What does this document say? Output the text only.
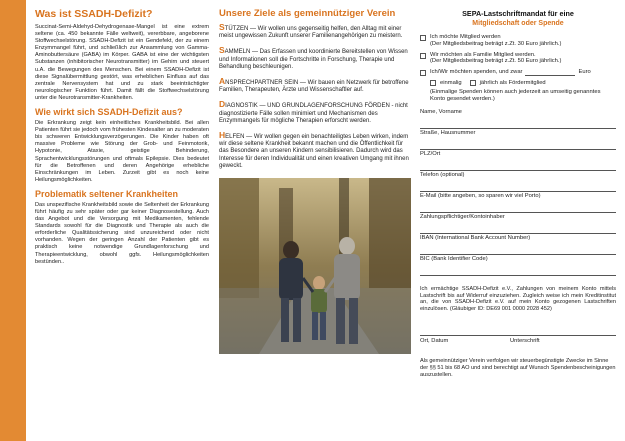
Was ist SSADH-Defizit?

Succinat-Semi-Aldehyd-Dehydrogenase-Mangel ist eine extrem seltene (ca. 450 bekannte Fälle weltweit), vererbbare, angeborene Stoffwechselstörung. SSADH-Defizit ist ein Gendefekt, der zu einem Enzymmangel führt, und schließlich zur Ansammlung von Gamma-Aminobuttersäure (GABA) im Körper. GABA ist eine der wichtigsten Substanzen (inhibitorischer Neurotransmitter) im Gehirn und steuert u.A. die Bewegungen des Menschen. Bei einem SSADH-Defizit ist diese Signalübermittlung gestört, was erheblichen Einfluss auf das zentrale Nervensystem hat und zu stark beeinträchtigter neurologischer Funktion führt. Damit fällt die Stoffwechselstörung unter die Neurotransmitter-Krankheiten.

Wie wirkt sich SSADH-Defizit aus?

Die Erkrankung zeigt kein einheitliches Krankheitsbild. Bei allen Patienten führt sie jedoch vom frühesten Kindesalter an zu moderaten bis schweren Entwicklungsverzögerungen. Die Kinder haben oft massive Probleme wie Störung der Grob- und Feinmotorik, Hypotonie, Ataxie, geistige Behinderung, Sprachentwicklungsstörungen und oftmals Epilepsie. Dies bedeutet für die Betroffenen und deren Angehörige erhebliche Einschränkungen im Leben. Zurzeit gibt es noch keine Heilungsmöglichkeiten.

Problematik seltener Krankheiten

Das unspezifische Krankheitsbild sowie die Seltenheit der Erkrankung führt häufig zu sehr später oder gar keiner Diagnosestellung. Auch das Angebot und die Versorgung mit Medikamenten, fehlende Standards sowohl für die Diagnostik und Therapie als auch die erforderliche Qualitätssicherung sind unzureichend oder nicht vorhanden. Wegen der geringen Anzahl der Patienten gibt es praktisch keine notwendige Grundlagenforschung und Therapieentwicklung, obwohl ggfs. Heilungsmöglichkeiten bestünden..

Unsere Ziele als gemeinnütziger Verein
STÜTZEN — Wir wollen uns gegenseitig helfen, den Alltag mit einer meist ungewissen Zukunft unserer Familienangehörigen zu meistern.
SAMMELN — Das Erfassen und koordinierte Bereitstellen von Wissen und Informationen soll die Fortschritte in Forschung, Therapie und Behandlung beschleunigen.
ANSPRECHPARTNER SEIN — Wir bauen ein Netzwerk für betroffene Familien, Therapeuten, Ärzte und Wissenschaftler auf.
DIAGNOSTIK — UND GRUNDLAGENFORSCHUNG FÖRDEN - nicht diagnostizierte Fälle sollen minimiert und Mechanismen des Enzymmangels für mögliche Therapien erforscht werden.
HELFEN — Wir wollen gegen ein benachteiligtes Leben wirken, indem wir diese seltene Krankheit bekannt machen und die Öffentlichkeit für das Besondere an unseren Kindern sensibilisieren. Dadurch wird das Interesse für deren Individualität und einen kreativen Umgang mit ihnen geweckt.
SEPA-Lastschriftmandat für eine
Mitgliedschaft oder Spende
Ich möchte Mitglied werden
(Der Mitgliedsbeitrag beträgt z.Zt. 30 Euro jährlich.)
Wir möchten als Familie Mitglied werden.
(Der Mitgliedsbeitrag beträgt z.Zt. 50 Euro jährlich.)
Ich/Wir möchten spenden, und zwar	Euro
einmalig	jährlich als Fördermitglied
(Einmalige Spenden können auch jederzeit an umseitig genanntes Konto gesendet werden.)
Name, Vorname
Straße, Hausnummer
PLZ/Ort
Telefon (optional)
E-Mail (bitte angeben, so sparen wir viel Porto)
Zahlungspflichtiger/Kontoinhaber
IBAN (International Bank Account Number)
BIC (Bank Identifier Code)
Ich ermächtige SSADH-Defizit e.V., Zahlungen von meinem Konto mittels Lastschrift bis auf Widerruf einzuziehen. Zugleich weise ich mein Kreditinstitut an, die von SSADH-Defizit e.V. auf mein Konto gezogenen Lastschriften einzulösen. (Gläubiger ID: DE69 001 0000 2028 452)
Ort, Datum	Unterschrift
Als gemeinnütziger Verein verfolgen wir steuerbegünstigte Zwecke im Sinne der §§ 51 bis 68 AO und sind berechtigt auf Wunsch Spendenbescheinigungen auszustellen.
